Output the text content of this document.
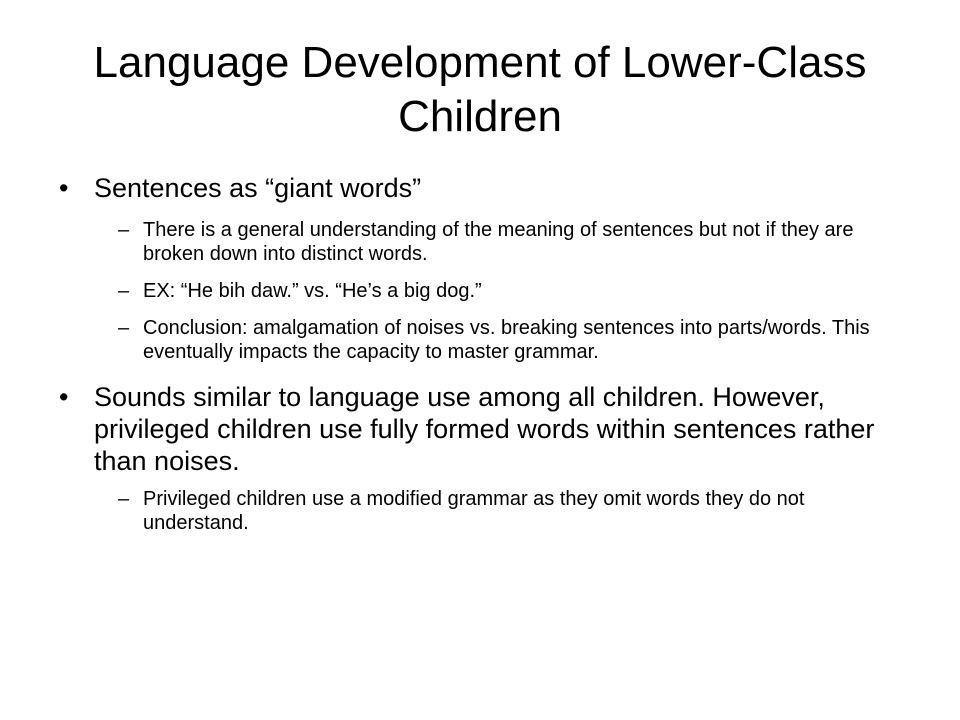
Language Development of Lower-Class Children
• Sentences as “giant words”
– There is a general understanding of the meaning of sentences but not if they are broken down into distinct words.
– EX: “He bih daw.” vs. “He’s a big dog.”
– Conclusion: amalgamation of noises vs. breaking sentences into parts/words. This eventually impacts the capacity to master grammar.
• Sounds similar to language use among all children. However, privileged children use fully formed words within sentences rather than noises.
– Privileged children use a modified grammar as they omit words they do not understand.
